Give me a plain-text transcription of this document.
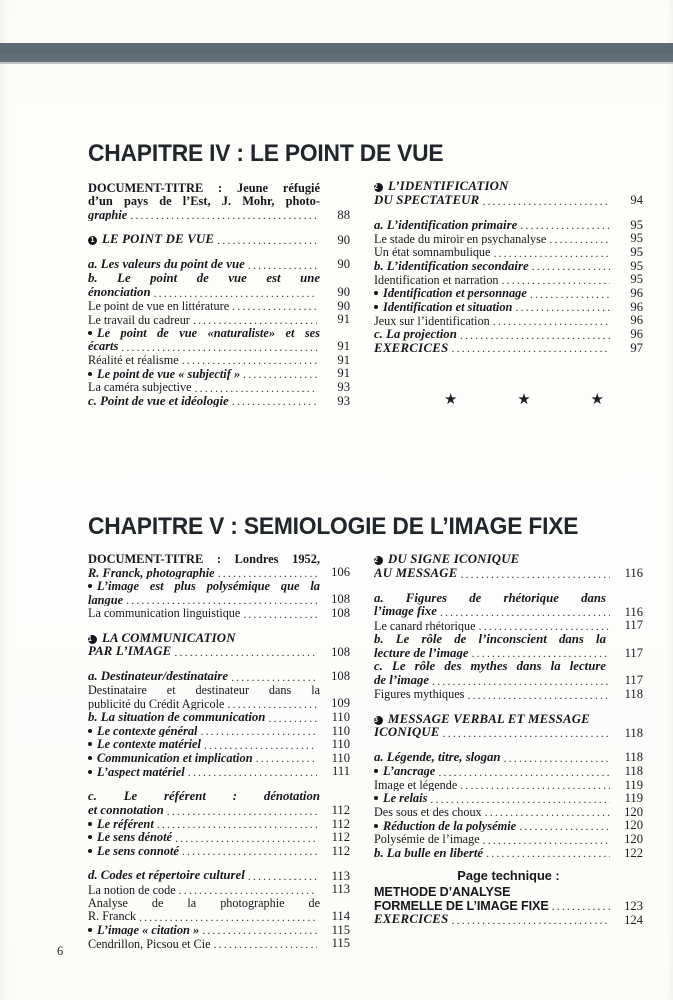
CHAPITRE IV : LE POINT DE VUE
DOCUMENT-TITRE : Jeune réfugié
d’un pays de l’Est, J. Mohr, photo-
graphie .....	88
1 LE POINT DE VUE .....	90
a. Les valeurs du point de vue .....	90
b. Le point de vue est une
énonciation .....	90
Le point de vue en littérature .....	90
Le travail du cadreur .....	91
Le point de vue «naturaliste» et ses
écarts .....	91
Réalité et réalisme .....	91
Le point de vue « subjectif » .....	91
La caméra subjective .....	93
c. Point de vue et idéologie .....	93
2 L’IDENTIFICATION
DU SPECTATEUR .....	94
a. L’identification primaire .....	95
Le stade du miroir en psychanalyse .....	95
Un état somnambulique .....	95
b. L’identification secondaire .....	95
Identification et narration .....	95
Identification et personnage .....	96
Identification et situation .....	96
Jeux sur l’identification .....	96
c. La projection .....	96
EXERCICES .....	97
★	★	★
CHAPITRE V : SEMIOLOGIE DE L’IMAGE FIXE
DOCUMENT-TITRE : Londres 1952,
R. Franck, photographie .....	106
L’image est plus polysémique que la
langue .....	108
La communication linguistique .....	108
1 LA COMMUNICATION
PAR L’IMAGE .....	108
a. Destinateur/destinataire .....	108
Destinataire et destinateur dans la
publicité du Crédit Agricole .....	109
b. La situation de communication .....	110
Le contexte général .....	110
Le contexte matériel .....	110
Communication et implication .....	110
L’aspect matériel .....	111
c. Le référent : dénotation
et connotation .....	112
Le référent .....	112
Le sens dénoté .....	112
Le sens connoté .....	112
d. Codes et répertoire culturel .....	113
La notion de code .....	113
Analyse de la photographie de
R. Franck .....	114
L’image « citation » .....	115
Cendrillon, Picsou et Cie .....	115
2 DU SIGNE ICONIQUE
AU MESSAGE .....	116
a. Figures de rhétorique dans
l’image fixe .....	116
Le canard rhétorique .....	117
b. Le rôle de l’inconscient dans la
lecture de l’image .....	117
c. Le rôle des mythes dans la lecture
de l’image .....	117
Figures mythiques .....	118
3 MESSAGE VERBAL ET MESSAGE
ICONIQUE .....	118
a. Légende, titre, slogan .....	118
L’ancrage .....	118
Image et légende .....	119
Le relais .....	119
Des sous et des choux .....	120
Réduction de la polysémie .....	120
Polysémie de l’image .....	120
b. La bulle en liberté .....	122
Page technique :
METHODE D’ANALYSE
FORMELLE DE L’IMAGE FIXE .....	123
EXERCICES .....	124
6
